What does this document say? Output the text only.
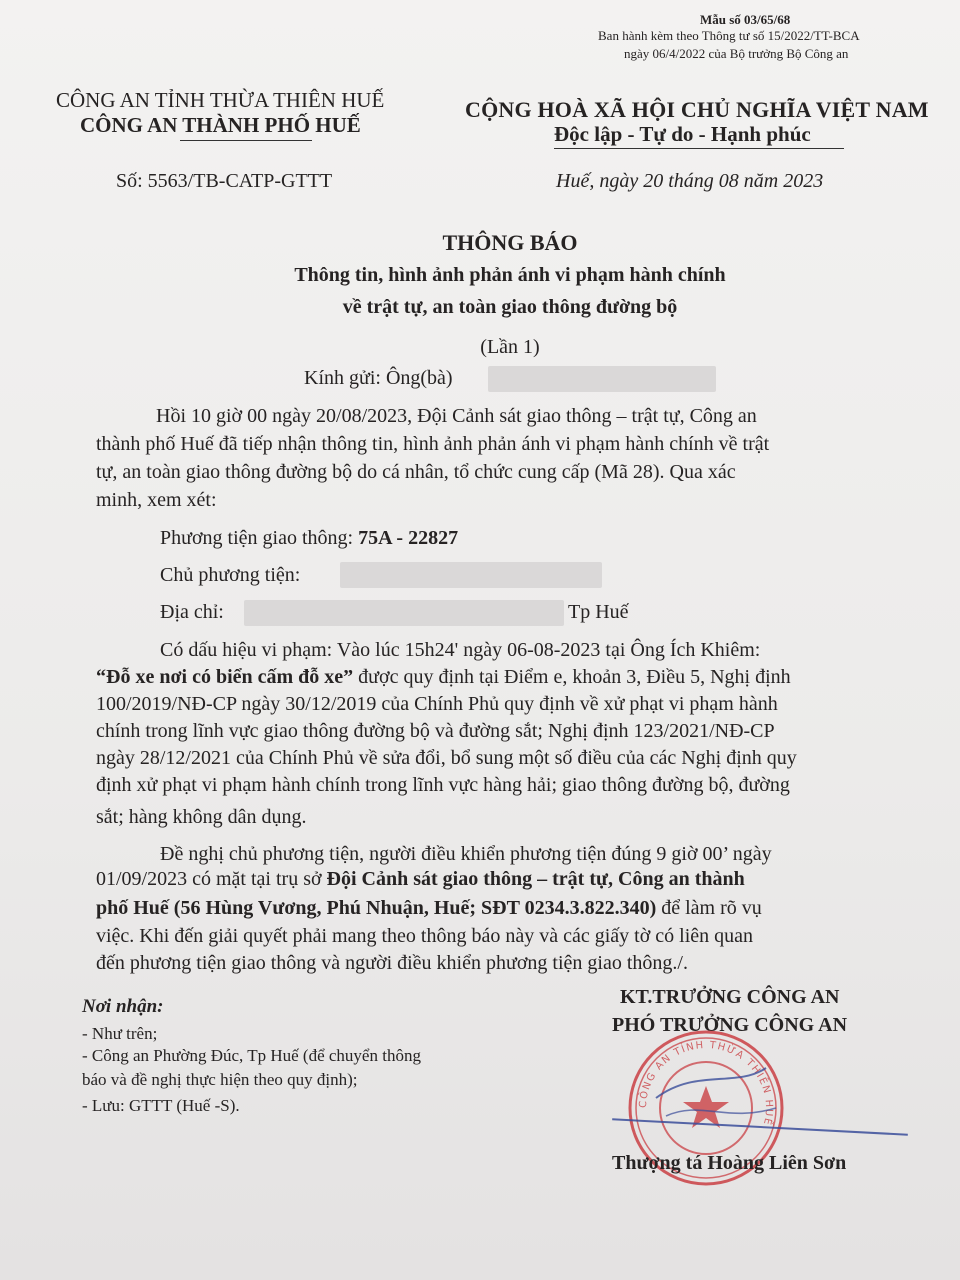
Mẫu số 03/65/68
Ban hành kèm theo Thông tư số 15/2022/TT-BCA
ngày 06/4/2022 của Bộ trưởng Bộ Công an
CÔNG AN TỈNH THỪA THIÊN HUẾ
CÔNG AN THÀNH PHỐ HUẾ
CỘNG HOÀ XÃ HỘI CHỦ NGHĨA VIỆT NAM
Độc lập - Tự do - Hạnh phúc
Số: 5563/TB-CATP-GTTT	Huế, ngày 20 tháng 08 năm 2023
THÔNG BÁO
Thông tin, hình ảnh phản ánh vi phạm hành chính
về trật tự, an toàn giao thông đường bộ
(Lần 1)
Kính gửi: Ông(bà)
Hồi 10 giờ 00 ngày 20/08/2023, Đội Cảnh sát giao thông – trật tự, Công an
thành phố Huế đã tiếp nhận thông tin, hình ảnh phản ánh vi phạm hành chính về trật
tự, an toàn giao thông đường bộ do cá nhân, tổ chức cung cấp (Mã 28). Qua xác
minh, xem xét:
Phương tiện giao thông: 75A - 22827
Chủ phương tiện:
Địa chỉ:	Tp Huế
Có dấu hiệu vi phạm: Vào lúc 15h24' ngày 06-08-2023 tại Ông Ích Khiêm:
“Đỗ xe nơi có biển cấm đỗ xe” được quy định tại Điểm e, khoản 3, Điều 5, Nghị định
100/2019/NĐ-CP ngày 30/12/2019 của Chính Phủ quy định về xử phạt vi phạm hành
chính trong lĩnh vực giao thông đường bộ và đường sắt; Nghị định 123/2021/NĐ-CP
ngày 28/12/2021 của Chính Phủ về sửa đổi, bổ sung một số điều của các Nghị định quy
định xử phạt vi phạm hành chính trong lĩnh vực hàng hải; giao thông đường bộ, đường
sắt; hàng không dân dụng.
Đề nghị chủ phương tiện, người điều khiển phương tiện đúng 9 giờ 00’ ngày
01/09/2023 có mặt tại trụ sở Đội Cảnh sát giao thông – trật tự, Công an thành
phố Huế (56 Hùng Vương, Phú Nhuận, Huế; SĐT 0234.3.822.340) để làm rõ vụ
việc. Khi đến giải quyết phải mang theo thông báo này và các giấy tờ có liên quan
đến phương tiện giao thông và người điều khiển phương tiện giao thông./.
Nơi nhận:
- Như trên;
- Công an Phường Đúc, Tp Huế (để chuyển thông
báo và đề nghị thực hiện theo quy định);
- Lưu: GTTT (Huế -S).
KT.TRƯỞNG CÔNG AN
PHÓ TRƯỞNG CÔNG AN
CÔNG AN TỈNH THỪA THIÊN HUẾ
Thượng tá Hoàng Liên Sơn
